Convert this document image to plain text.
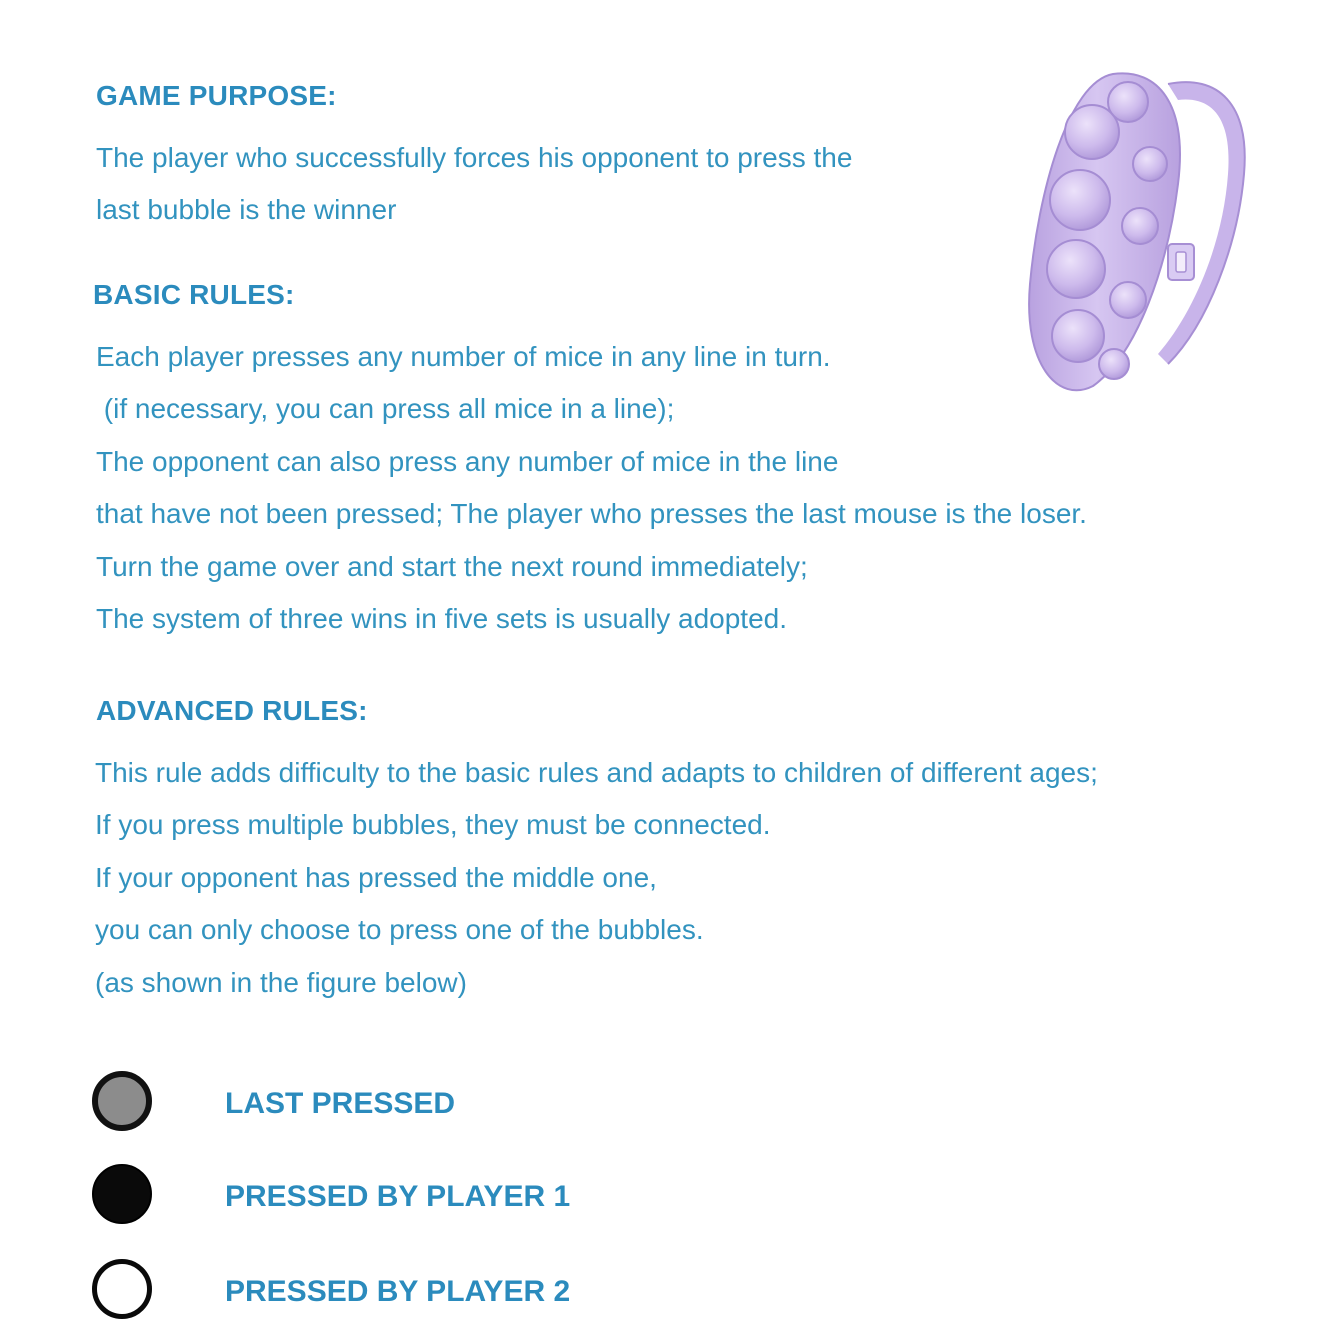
GAME PURPOSE:

The player who successfully forces his opponent to press the

last bubble is the winner

BASIC RULES:

Each player presses any number of mice in any line in turn.

(if necessary, you can press all mice in a line);

The opponent can also press any number of mice in the line

that have not been pressed; The player who presses the last mouse is the loser.

Turn the game over and start the next round immediately;

The system of three wins in five sets is usually adopted.

ADVANCED RULES:

This rule adds difficulty to the basic rules and adapts to children of different ages;

If you press multiple bubbles, they must be connected.

If your opponent has pressed the middle one,

you can only choose to press one of the bubbles.

(as shown in the figure below)

LAST PRESSED
PRESSED BY PLAYER 1
PRESSED BY PLAYER 2
